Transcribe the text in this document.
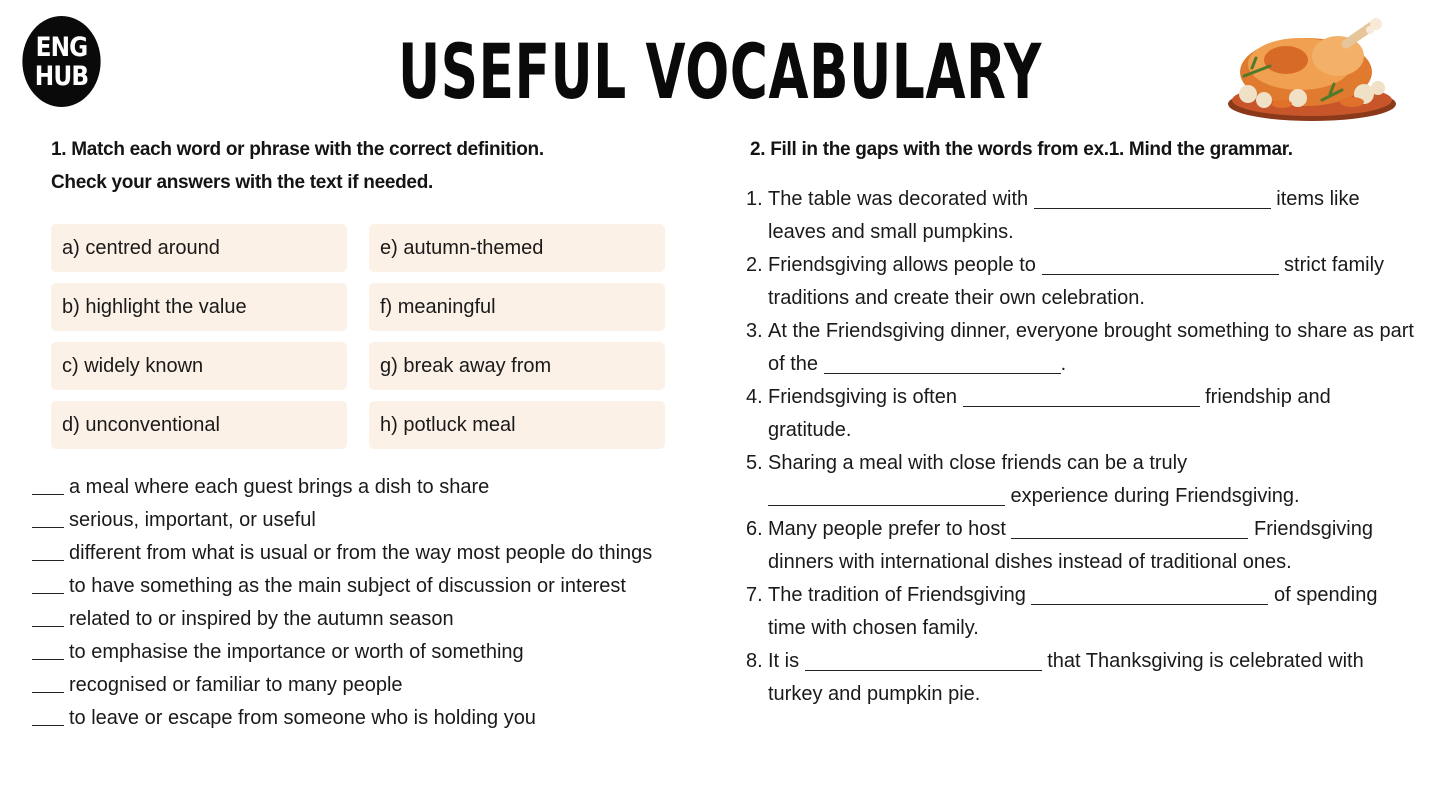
ENG
HUB	USEFUL VOCABULARY
1. Match each word or phrase with the correct definition.
Check your answers with the text if needed.
a) centred around	e) autumn-themed
b) highlight the value	f) meaningful
c) widely known	g) break away from
d) unconventional	h) potluck meal
a meal where each guest brings a dish to share
serious, important, or useful
different from what is usual or from the way most people do things
to have something as the main subject of discussion or interest
related to or inspired by the autumn season
to emphasise the importance or worth of something
recognised or familiar to many people
to leave or escape from someone who is holding you
2. Fill in the gaps with the words from ex.1. Mind the grammar.
1. The table was decorated with	items like leaves and small pumpkins.
2. Friendsgiving allows people to	strict family traditions and create their own celebration.
3. At the Friendsgiving dinner, everyone brought something to share as part of the	.
4. Friendsgiving is often	friendship and gratitude.
5. Sharing a meal with close friends can be a truly  experience during Friendsgiving.
6. Many people prefer to host	Friendsgiving dinners with international dishes instead of traditional ones.
7. The tradition of Friendsgiving	of spending time with chosen family.
8. It is	that Thanksgiving is celebrated with turkey and pumpkin pie.
